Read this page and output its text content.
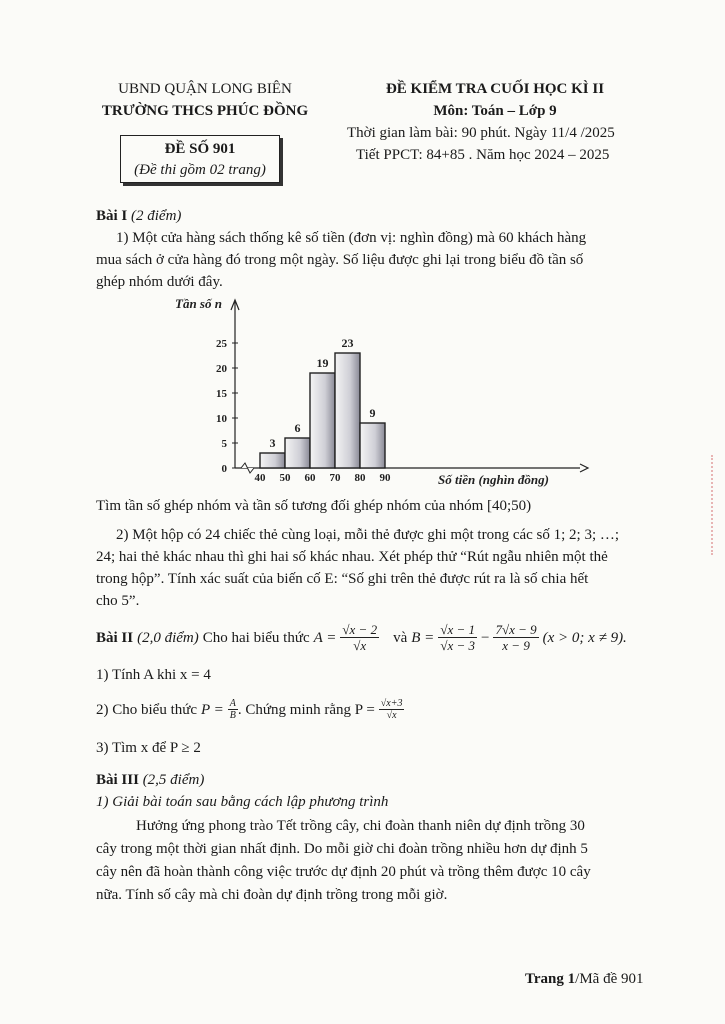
UBND QUẬN LONG BIÊN
TRƯỜNG THCS PHÚC ĐỒNG
ĐỀ SỐ 901
(Đề thi gồm 02 trang)
ĐỀ KIỂM TRA CUỐI HỌC KÌ II
Môn: Toán – Lớp 9
Thời gian làm bài: 90 phút. Ngày 11/4 /2025
Tiết PPCT: 84+85 . Năm học 2024 – 2025
Bài I (2 điểm)
1) Một cửa hàng sách thống kê số tiền (đơn vị: nghìn đồng) mà 60 khách hàng
mua sách ở cửa hàng đó trong một ngày. Số liệu được ghi lại trong biểu đồ tần số
ghép nhóm dưới đây.
Tần số n
0
5
10
15
20
25
3
6
19
23
9
40 50 60 70 80 90	Số tiền (nghìn đồng)
Tìm tần số ghép nhóm và tần số tương đối ghép nhóm của nhóm [40;50)
2) Một hộp có 24 chiếc thẻ cùng loại, mỗi thẻ được ghi một trong các số 1; 2; 3; …;
24; hai thẻ khác nhau thì ghi hai số khác nhau. Xét phép thử “Rút ngẫu nhiên một thẻ
trong hộp”. Tính xác suất của biến cố E: “Số ghi trên thẻ được rút ra là số chia hết
cho 5”.
Bài II (2,0 điểm) Cho hai biểu thức $A = \frac{√x - 2}{√x}$ và $B = \frac{√x - 1}{√x - 3} - \frac{7√x - 9}{x - 9} (x > 0$; x ≠ 9).
1) Tính A khi x = 4
2) Cho biểu thức $P = \frac{A}{B}$ . Chứng minh rằng $P = \frac{√x+3}{√x}$
3) Tìm x để P ≥ 2
Bài III (2,5 điểm)
1) Giải bài toán sau bằng cách lập phương trình
Hưởng ứng phong trào Tết trồng cây, chi đoàn thanh niên dự định trồng 30
cây trong một thời gian nhất định. Do mỗi giờ chi đoàn trồng nhiều hơn dự định 5
cây nên đã hoàn thành công việc trước dự định 20 phút và trồng thêm được 10 cây
nữa. Tính số cây mà chi đoàn dự định trồng trong mỗi giờ.
Trang 1/Mã đề 901
